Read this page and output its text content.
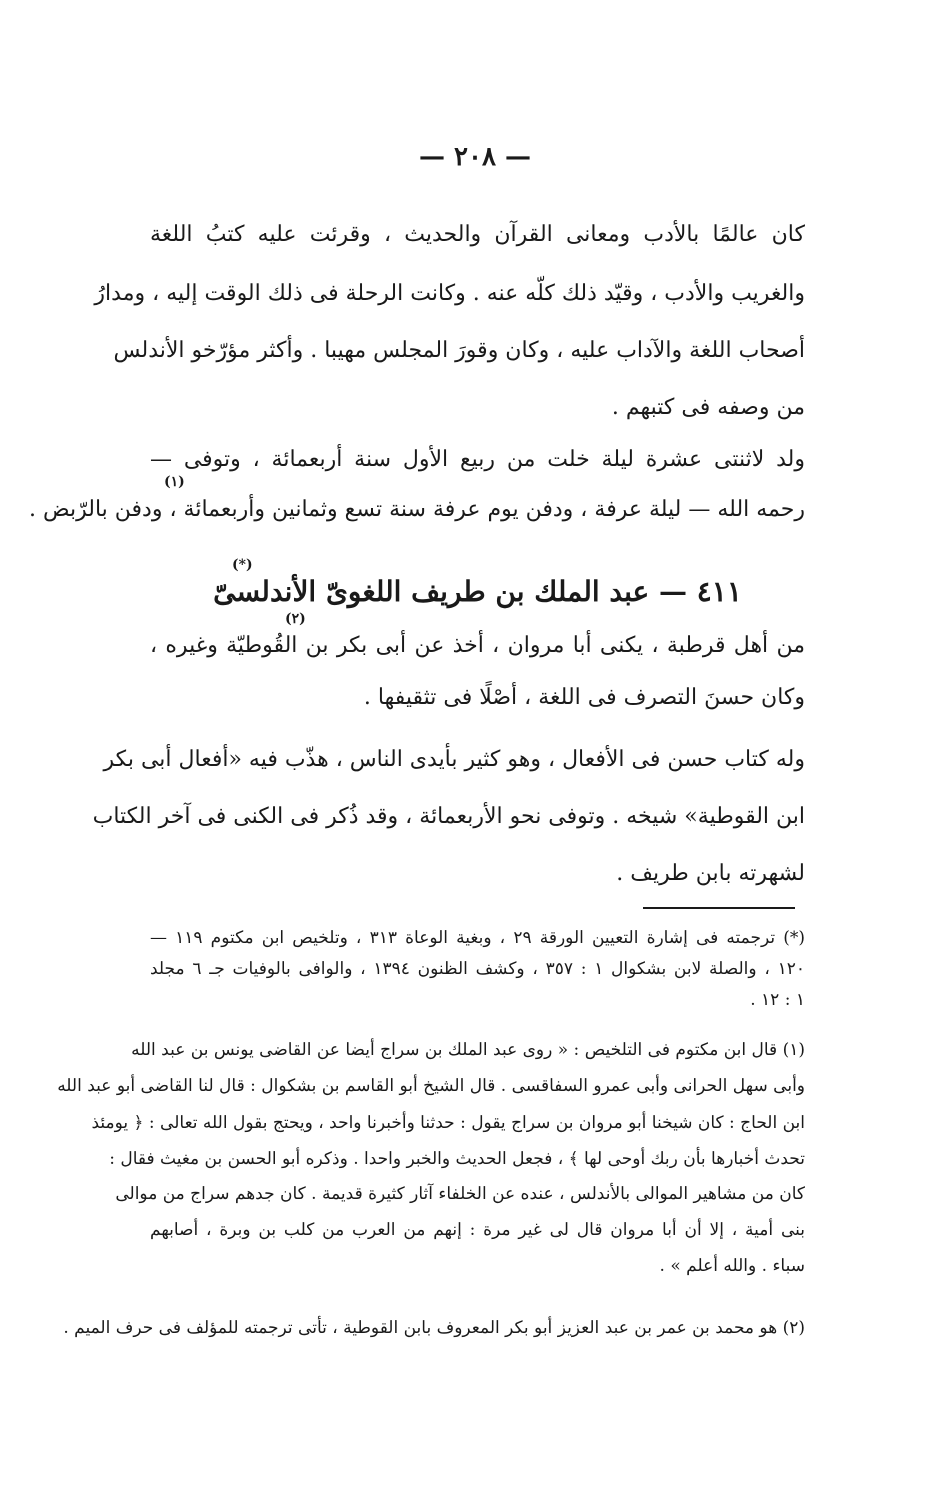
— ٢٠٨ —
كان عالمًا بالأدب ومعانى القرآن والحديث ، وقرئت عليه كتبُ اللغة
والغريب والأدب ، وقيّد ذلك كلّه عنه . وكانت الرحلة فى ذلك الوقت إليه ، ومدارُ
أصحاب اللغة والآداب عليه ، وكان وقورَ المجلس مهيبا . وأكثر مؤرّخو الأندلس
من وصفه فى كتبهم .
ولد لاثنتى عشرة ليلة خلت من ربيع الأول سنة أربعمائة ، وتوفى —
(١)
رحمه الله — ليلة عرفة ، ودفن يوم عرفة سنة تسع وثمانين وأربعمائة ، ودفن بالرّبض .
٤١١ — عبد الملك بن طريف اللغوىّ الأندلسىّ
(*)
(٢)
من أهل قرطبة ، يكنى أبا مروان ، أخذ عن أبى بكر بن القُوطيّة وغيره ،
وكان حسنَ التصرف فى اللغة ، أصْلًا فى تثقيفها .
وله كتاب حسن فى الأفعال ، وهو كثير بأيدى الناس ، هذّب فيه «أفعال أبى بكر
ابن القوطية» شيخه . وتوفى نحو الأربعمائة ، وقد ذُكر فى الكنى فى آخر الكتاب
لشهرته بابن طريف .
(*) ترجمته فى إشارة التعيين الورقة ٢٩ ، وبغية الوعاة ٣١٣ ، وتلخيص ابن مكتوم ١١٩ —
١٢٠ ، والصلة لابن بشكوال ١ : ٣٥٧ ، وكشف الظنون ١٣٩٤ ، والوافى بالوفيات جـ ٦ مجلد
١ : ١٢ .
(١) قال ابن مكتوم فى التلخيص : « روى عبد الملك بن سراج أيضا عن القاضى يونس بن عبد الله
وأبى سهل الحرانى وأبى عمرو السفاقسى . قال الشيخ أبو القاسم بن بشكوال : قال لنا القاضى أبو عبد الله
ابن الحاج : كان شيخنا أبو مروان بن سراج يقول : حدثنا وأخبرنا واحد ، ويحتج بقول الله تعالى : ﴿ يومئذ
تحدث أخبارها بأن ربك أوحى لها ﴾ ، فجعل الحديث والخبر واحدا . وذكره أبو الحسن بن مغيث فقال :
كان من مشاهير الموالى بالأندلس ، عنده عن الخلفاء آثار كثيرة قديمة . كان جدهم سراج من موالى
بنى أمية ، إلا أن أبا مروان قال لى غير مرة : إنهم من العرب من كلب بن وبرة ، أصابهم
سباء . والله أعلم » .
(٢) هو محمد بن عمر بن عبد العزيز أبو بكر المعروف بابن القوطية ، تأتى ترجمته للمؤلف فى حرف الميم .
